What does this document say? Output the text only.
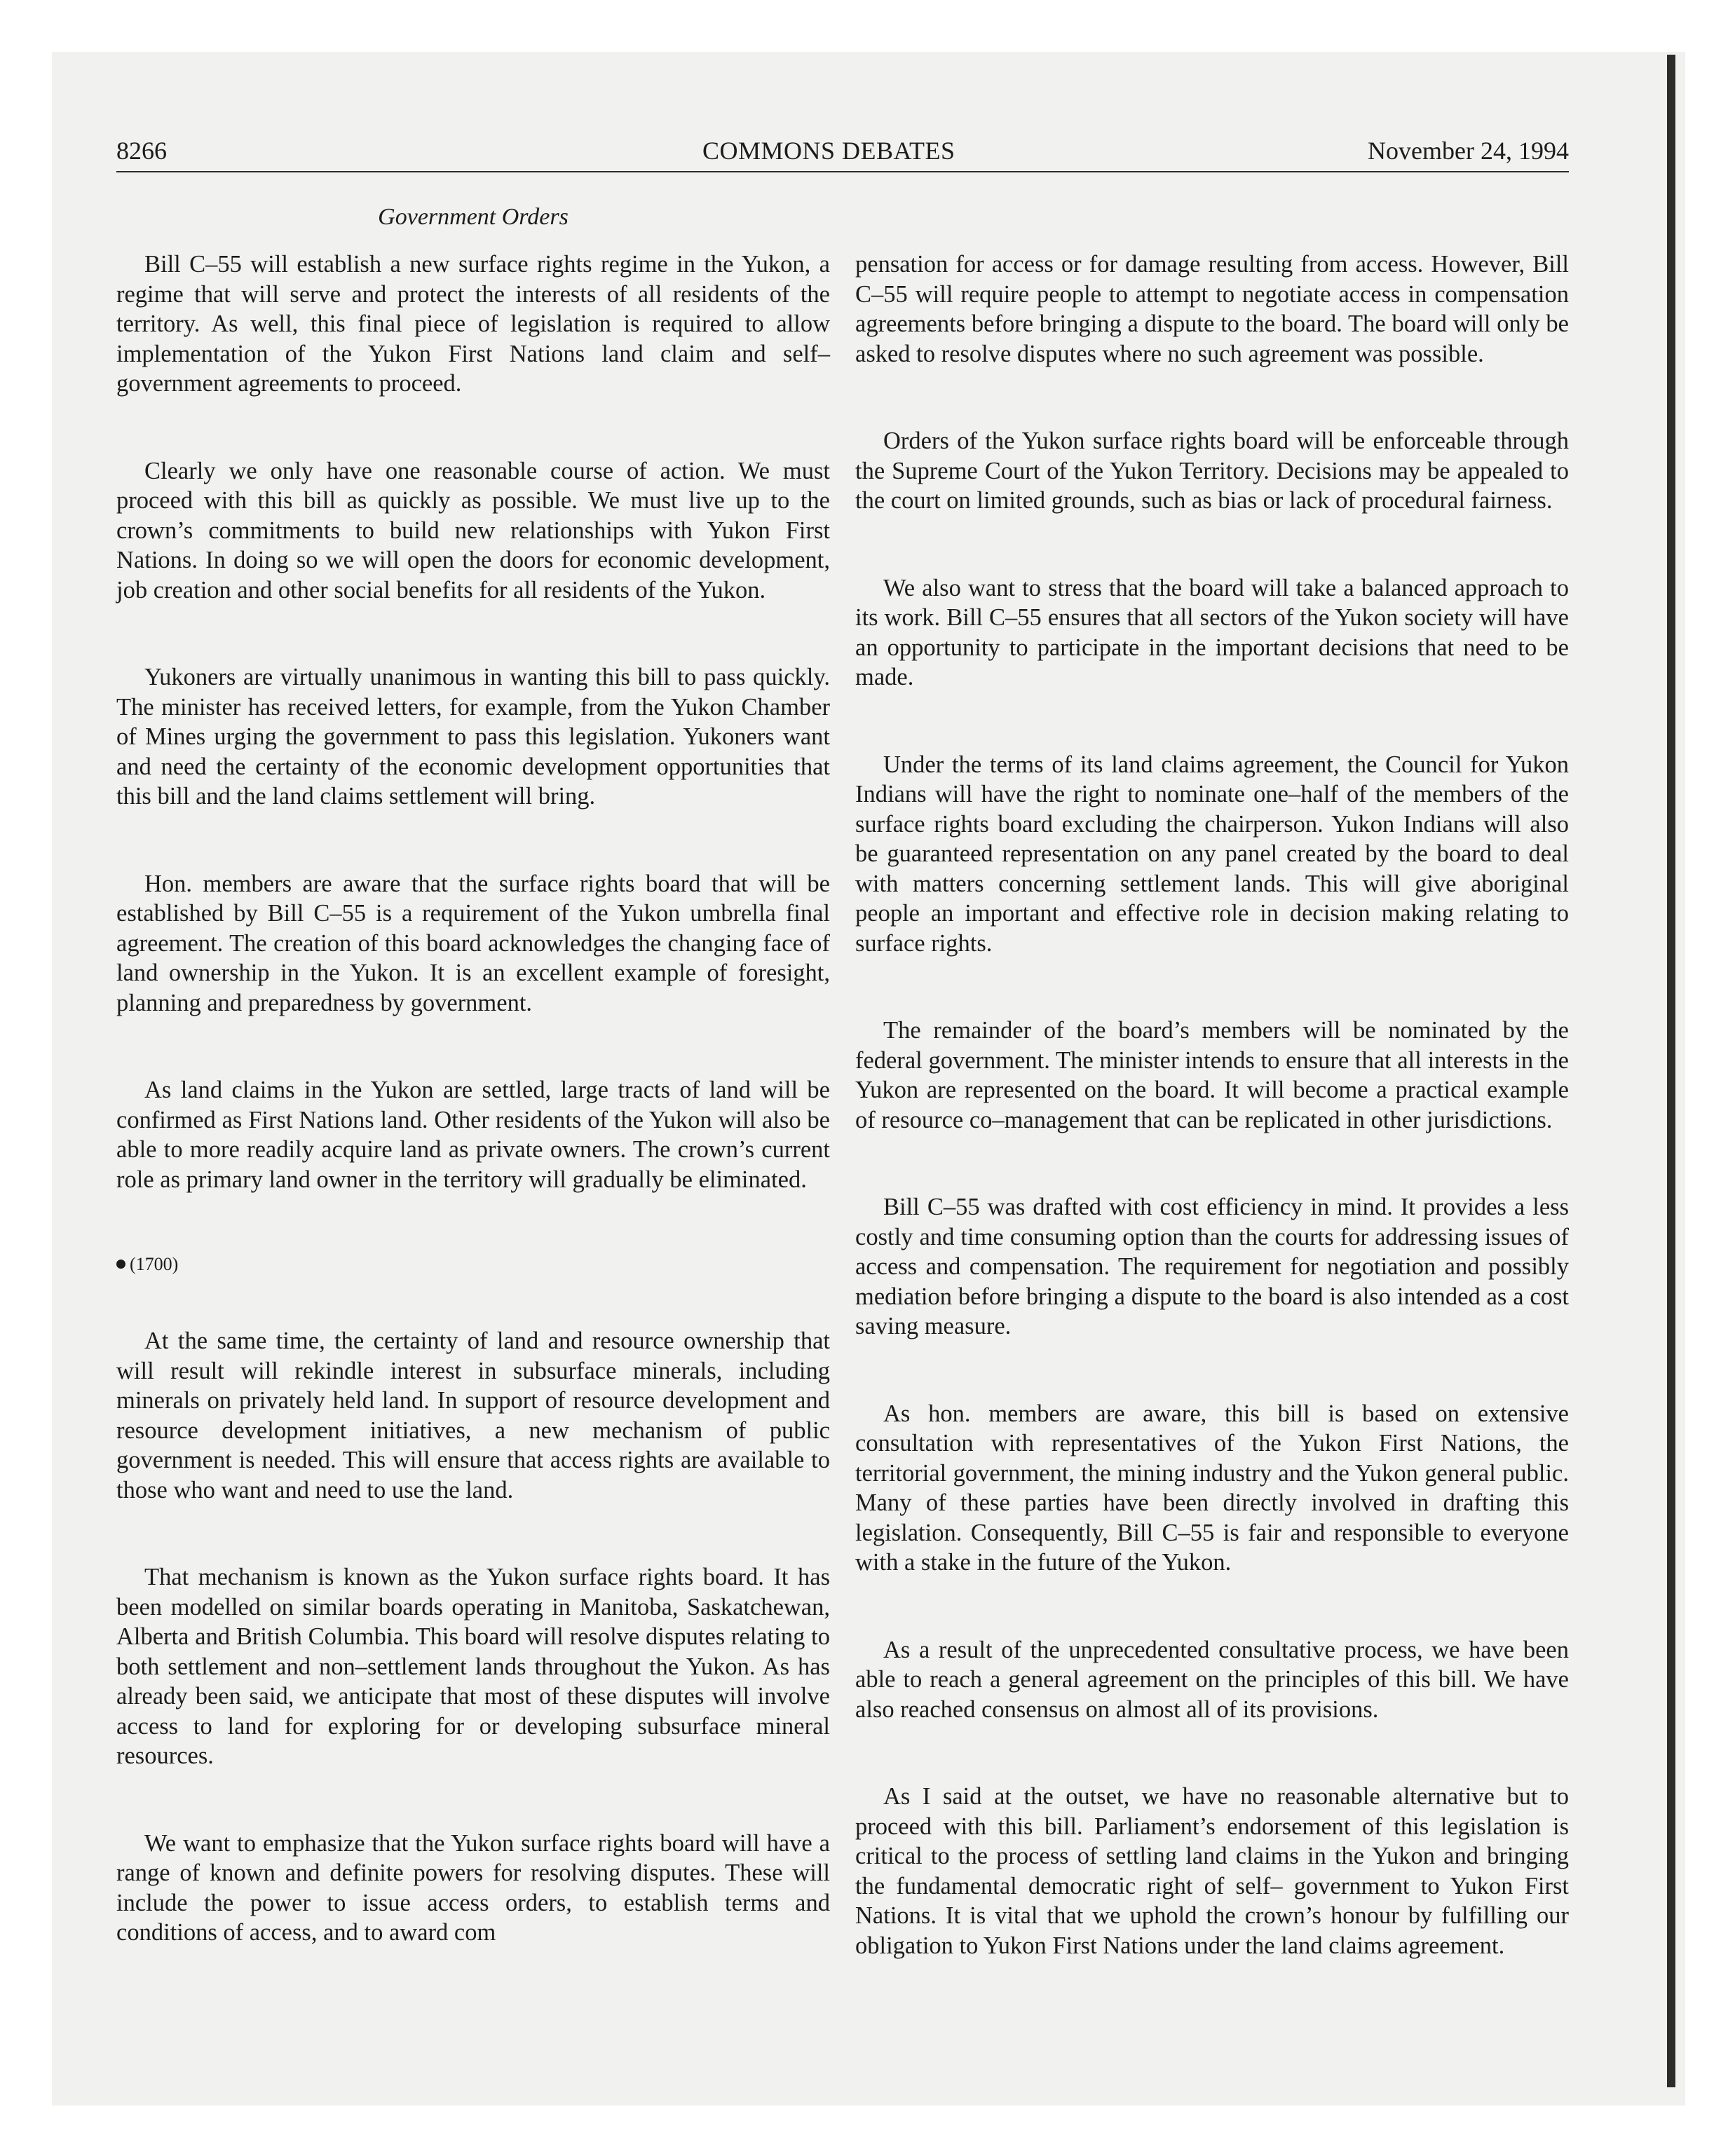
8266	COMMONS DEBATES	November 24, 1994
Government Orders

Bill C–55 will establish a new surface rights regime in the Yukon, a regime that will serve and protect the interests of all residents of the territory. As well, this final piece of legislation is required to allow implementation of the Yukon First Nations land claim and self–government agreements to proceed.

Clearly we only have one reasonable course of action. We must proceed with this bill as quickly as possible. We must live up to the crown’s commitments to build new relationships with Yukon First Nations. In doing so we will open the doors for economic development, job creation and other social benefits for all residents of the Yukon.

Yukoners are virtually unanimous in wanting this bill to pass quickly. The minister has received letters, for example, from the Yukon Chamber of Mines urging the government to pass this legislation. Yukoners want and need the certainty of the economic development opportunities that this bill and the land claims settlement will bring.

Hon. members are aware that the surface rights board that will be established by Bill C–55 is a requirement of the Yukon umbrella final agreement. The creation of this board acknowledges the changing face of land ownership in the Yukon. It is an excellent example of foresight, planning and preparedness by government.

As land claims in the Yukon are settled, large tracts of land will be confirmed as First Nations land. Other residents of the Yukon will also be able to more readily acquire land as private owners. The crown’s current role as primary land owner in the territory will gradually be eliminated.

(1700)

At the same time, the certainty of land and resource ownership that will result will rekindle interest in subsurface minerals, including minerals on privately held land. In support of resource development and resource development initiatives, a new mechanism of public government is needed. This will ensure that access rights are available to those who want and need to use the land.

That mechanism is known as the Yukon surface rights board. It has been modelled on similar boards operating in Manitoba, Saskatchewan, Alberta and British Columbia. This board will resolve disputes relating to both settlement and non–settlement lands throughout the Yukon. As has already been said, we anticipate that most of these disputes will involve access to land for exploring for or developing subsurface mineral resources.

We want to emphasize that the Yukon surface rights board will have a range of known and definite powers for resolving disputes. These will include the power to issue access orders, to establish terms and conditions of access, and to award com

pensation for access or for damage resulting from access. However, Bill C–55 will require people to attempt to negotiate access in compensation agreements before bringing a dispute to the board. The board will only be asked to resolve disputes where no such agreement was possible.

Orders of the Yukon surface rights board will be enforceable through the Supreme Court of the Yukon Territory. Decisions may be appealed to the court on limited grounds, such as bias or lack of procedural fairness.

We also want to stress that the board will take a balanced approach to its work. Bill C–55 ensures that all sectors of the Yukon society will have an opportunity to participate in the important decisions that need to be made.

Under the terms of its land claims agreement, the Council for Yukon Indians will have the right to nominate one–half of the members of the surface rights board excluding the chairperson. Yukon Indians will also be guaranteed representation on any panel created by the board to deal with matters concerning settlement lands. This will give aboriginal people an important and effective role in decision making relating to surface rights.

The remainder of the board’s members will be nominated by the federal government. The minister intends to ensure that all interests in the Yukon are represented on the board. It will become a practical example of resource co–management that can be replicated in other jurisdictions.

Bill C–55 was drafted with cost efficiency in mind. It provides a less costly and time consuming option than the courts for addressing issues of access and compensation. The requirement for negotiation and possibly mediation before bringing a dispute to the board is also intended as a cost saving measure.

As hon. members are aware, this bill is based on extensive consultation with representatives of the Yukon First Nations, the territorial government, the mining industry and the Yukon general public. Many of these parties have been directly involved in drafting this legislation. Consequently, Bill C–55 is fair and responsible to everyone with a stake in the future of the Yukon.

As a result of the unprecedented consultative process, we have been able to reach a general agreement on the principles of this bill. We have also reached consensus on almost all of its provisions.

As I said at the outset, we have no reasonable alternative but to proceed with this bill. Parliament’s endorsement of this legislation is critical to the process of settling land claims in the Yukon and bringing the fundamental democratic right of self– government to Yukon First Nations. It is vital that we uphold the crown’s honour by fulfilling our obligation to Yukon First Nations under the land claims agreement.
